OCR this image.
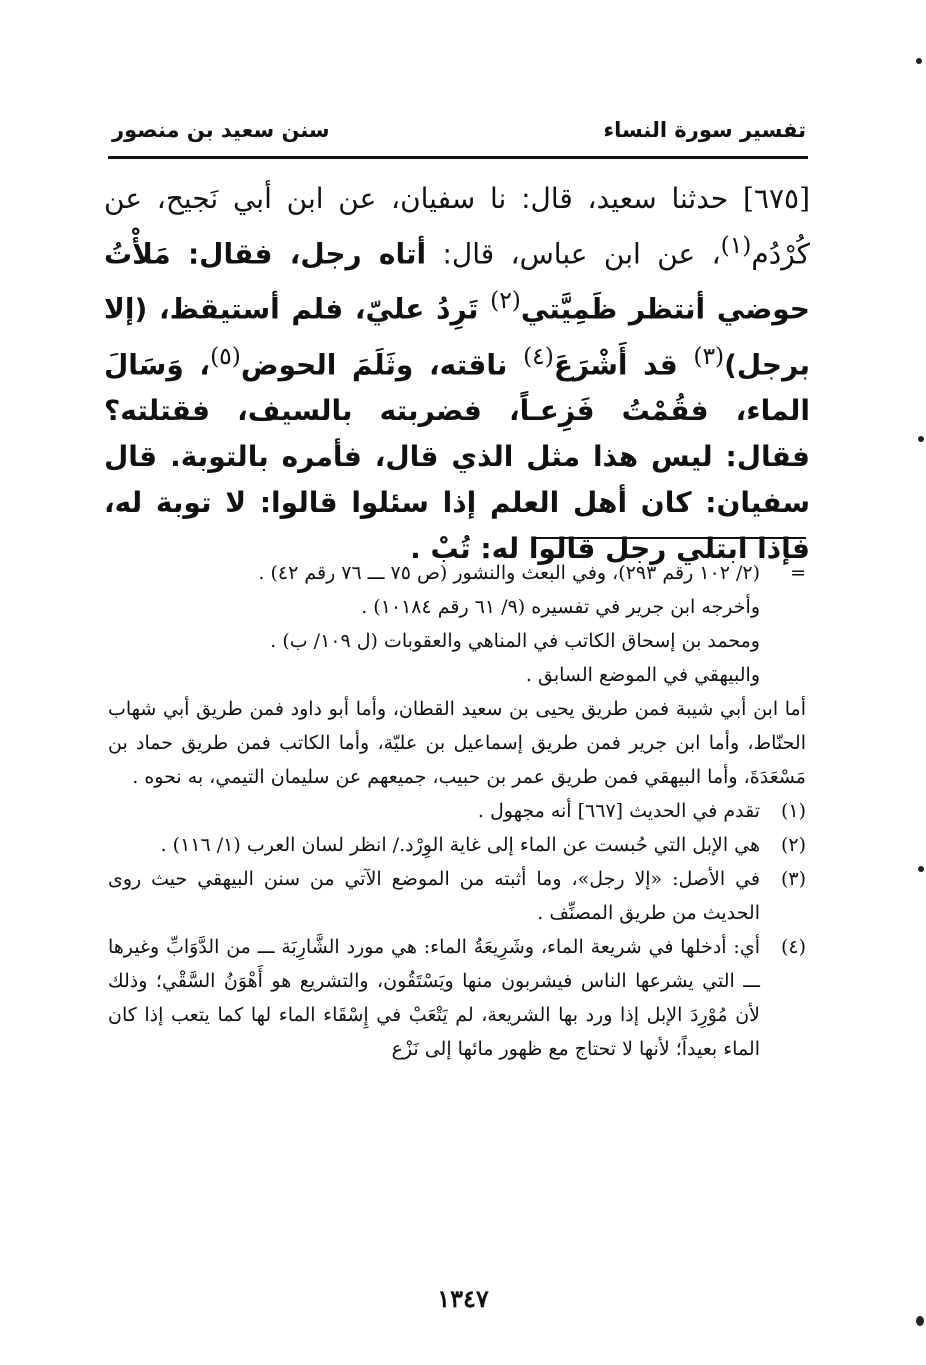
تفسير سورة النساء
سنن سعيد بن منصور

[٦٧٥] حدثنا سعيد، قال: نا سفيان، عن ابن أبي نَجيح، عن كُرْدُم$^{(١)}$، عن ابن عباس، قال: أتاه رجل، فقال: مَلأْتُ حوضي أنتظر ظَمِيَّتي$^{(٢)}$ تَرِدُ عليّ، فلم أستيقظ، (إلا برجل)$^{(٣)}$ قد أَشْرَعَ$^{(٤)}$ ناقته، وثَلَمَ الحوض$^{(٥)}$، وَسَالَ الماء، فقُمْتُ فَزِعـاً، فضربته بالسيف، فقتلته؟ فقال: ليس هذا مثل الذي قال، فأمره بالتوبة. قال سفيان: كان أهل العلم إذا سئلوا قالوا: لا توبة له، فإذا ابتلي رجل قالوا له: تُبْ .

=
(٢/ ١٠٢ رقم ٢٩٣)، وفي البعث والنشور (ص ٧٥ ـــ ٧٦ رقم ٤٢) .
وأخرجه ابن جرير في تفسيره (٩/ ٦١ رقم ١٠١٨٤) .
ومحمد بن إسحاق الكاتب في المناهي والعقوبات (ل ١٠٩/ ب) .
والبيهقي في الموضع السابق .
أما ابن أبي شيبة فمن طريق يحيى بن سعيد القطان، وأما أبو داود فمن طريق أبي شهاب الحنّاط، وأما ابن جرير فمن طريق إسماعيل بن عليّة، وأما الكاتب فمن طريق حماد بن مَسْعَدَةَ، وأما البيهقي فمن طريق عمر بن حبيب، جميعهم عن سليمان التيمي، به نحوه .
(١)
تقدم في الحديث [٦٦٧] أنه مجهول .
(٢)
هي الإبل التي حُبست عن الماء إلى غاية الوِرْد./ انظر لسان العرب (١/ ١١٦) .
(٣)
في الأصل: «إلا رجل»، وما أثبته من الموضع الآتي من سنن البيهقي حيث روى الحديث من طريق المصنِّف .
(٤)
أي: أدخلها في شريعة الماء، وشَرِيعَةُ الماء: هي مورد الشَّارِبَة ـــ من الدَّوَابِّ وغيرها ـــ التي يشرعها الناس فيشربون منها ويَسْتَقُون، والتشريع هو أَهْوَنُ السَّقْي؛ وذلك لأن مُوْرِدَ الإبل إذا ورد بها الشريعة، لم يَتْعَبْ في إِسْقَاء الماء لها كما يتعب إذا كان الماء بعيداً؛ لأنها لا تحتاج مع ظهور مائها إلى نَزْع
١٣٤٧
